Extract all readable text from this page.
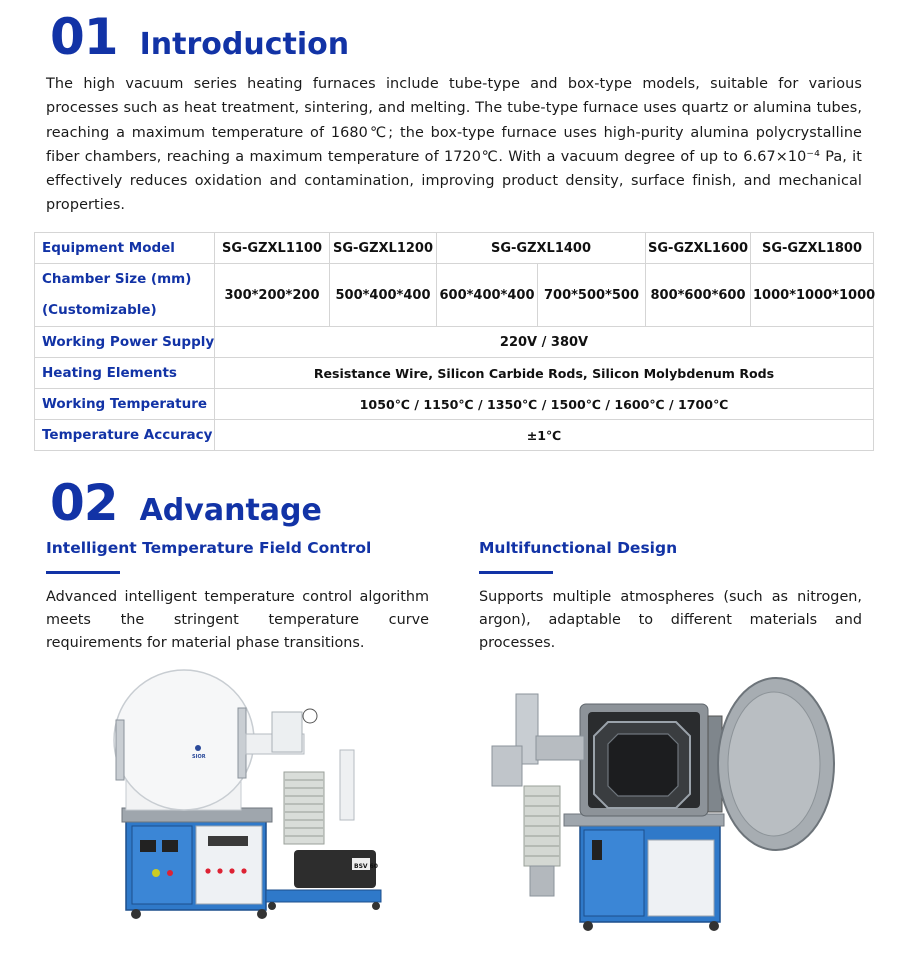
01 Introduction

The high vacuum series heating furnaces include tube-type and box-type models, suitable for various processes such as heat treatment, sintering, and melting. The tube-type furnace uses quartz or alumina tubes, reaching a maximum temperature of 1680℃; the box-type furnace uses high-purity alumina polycrystalline fiber chambers, reaching a maximum temperature of 1720℃. With a vacuum degree of up to 6.67×10⁻⁴ Pa, it effectively reduces oxidation and contamination, improving product density, surface finish, and mechanical properties.

Equipment Model	SG-GZXL1100	SG-GZXL1200	SG-GZXL1400		SG-GZXL1600	SG-GZXL1800

Chamber Size (mm)
(Customizable)	300*200*200	500*400*400	600*400*400	700*500*500	800*600*600	1000*1000*1000
Working Power Supply	220V / 380V					
Heating Elements	Resistance Wire, Silicon Carbide Rods, Silicon Molybdenum Rods					
Working Temperature	1050℃ / 1150℃ / 1350℃ / 1500℃ / 1600℃ / 1700℃					
Temperature Accuracy	±1℃					
02 Advantage
Intelligent Temperature Field Control

Advanced intelligent temperature control algorithm meets the stringent temperature curve requirements for material phase transitions.

Multifunctional Design

Supports multiple atmospheres (such as nitrogen, argon), adaptable to different materials and processes.

SIOR
BSV 60
